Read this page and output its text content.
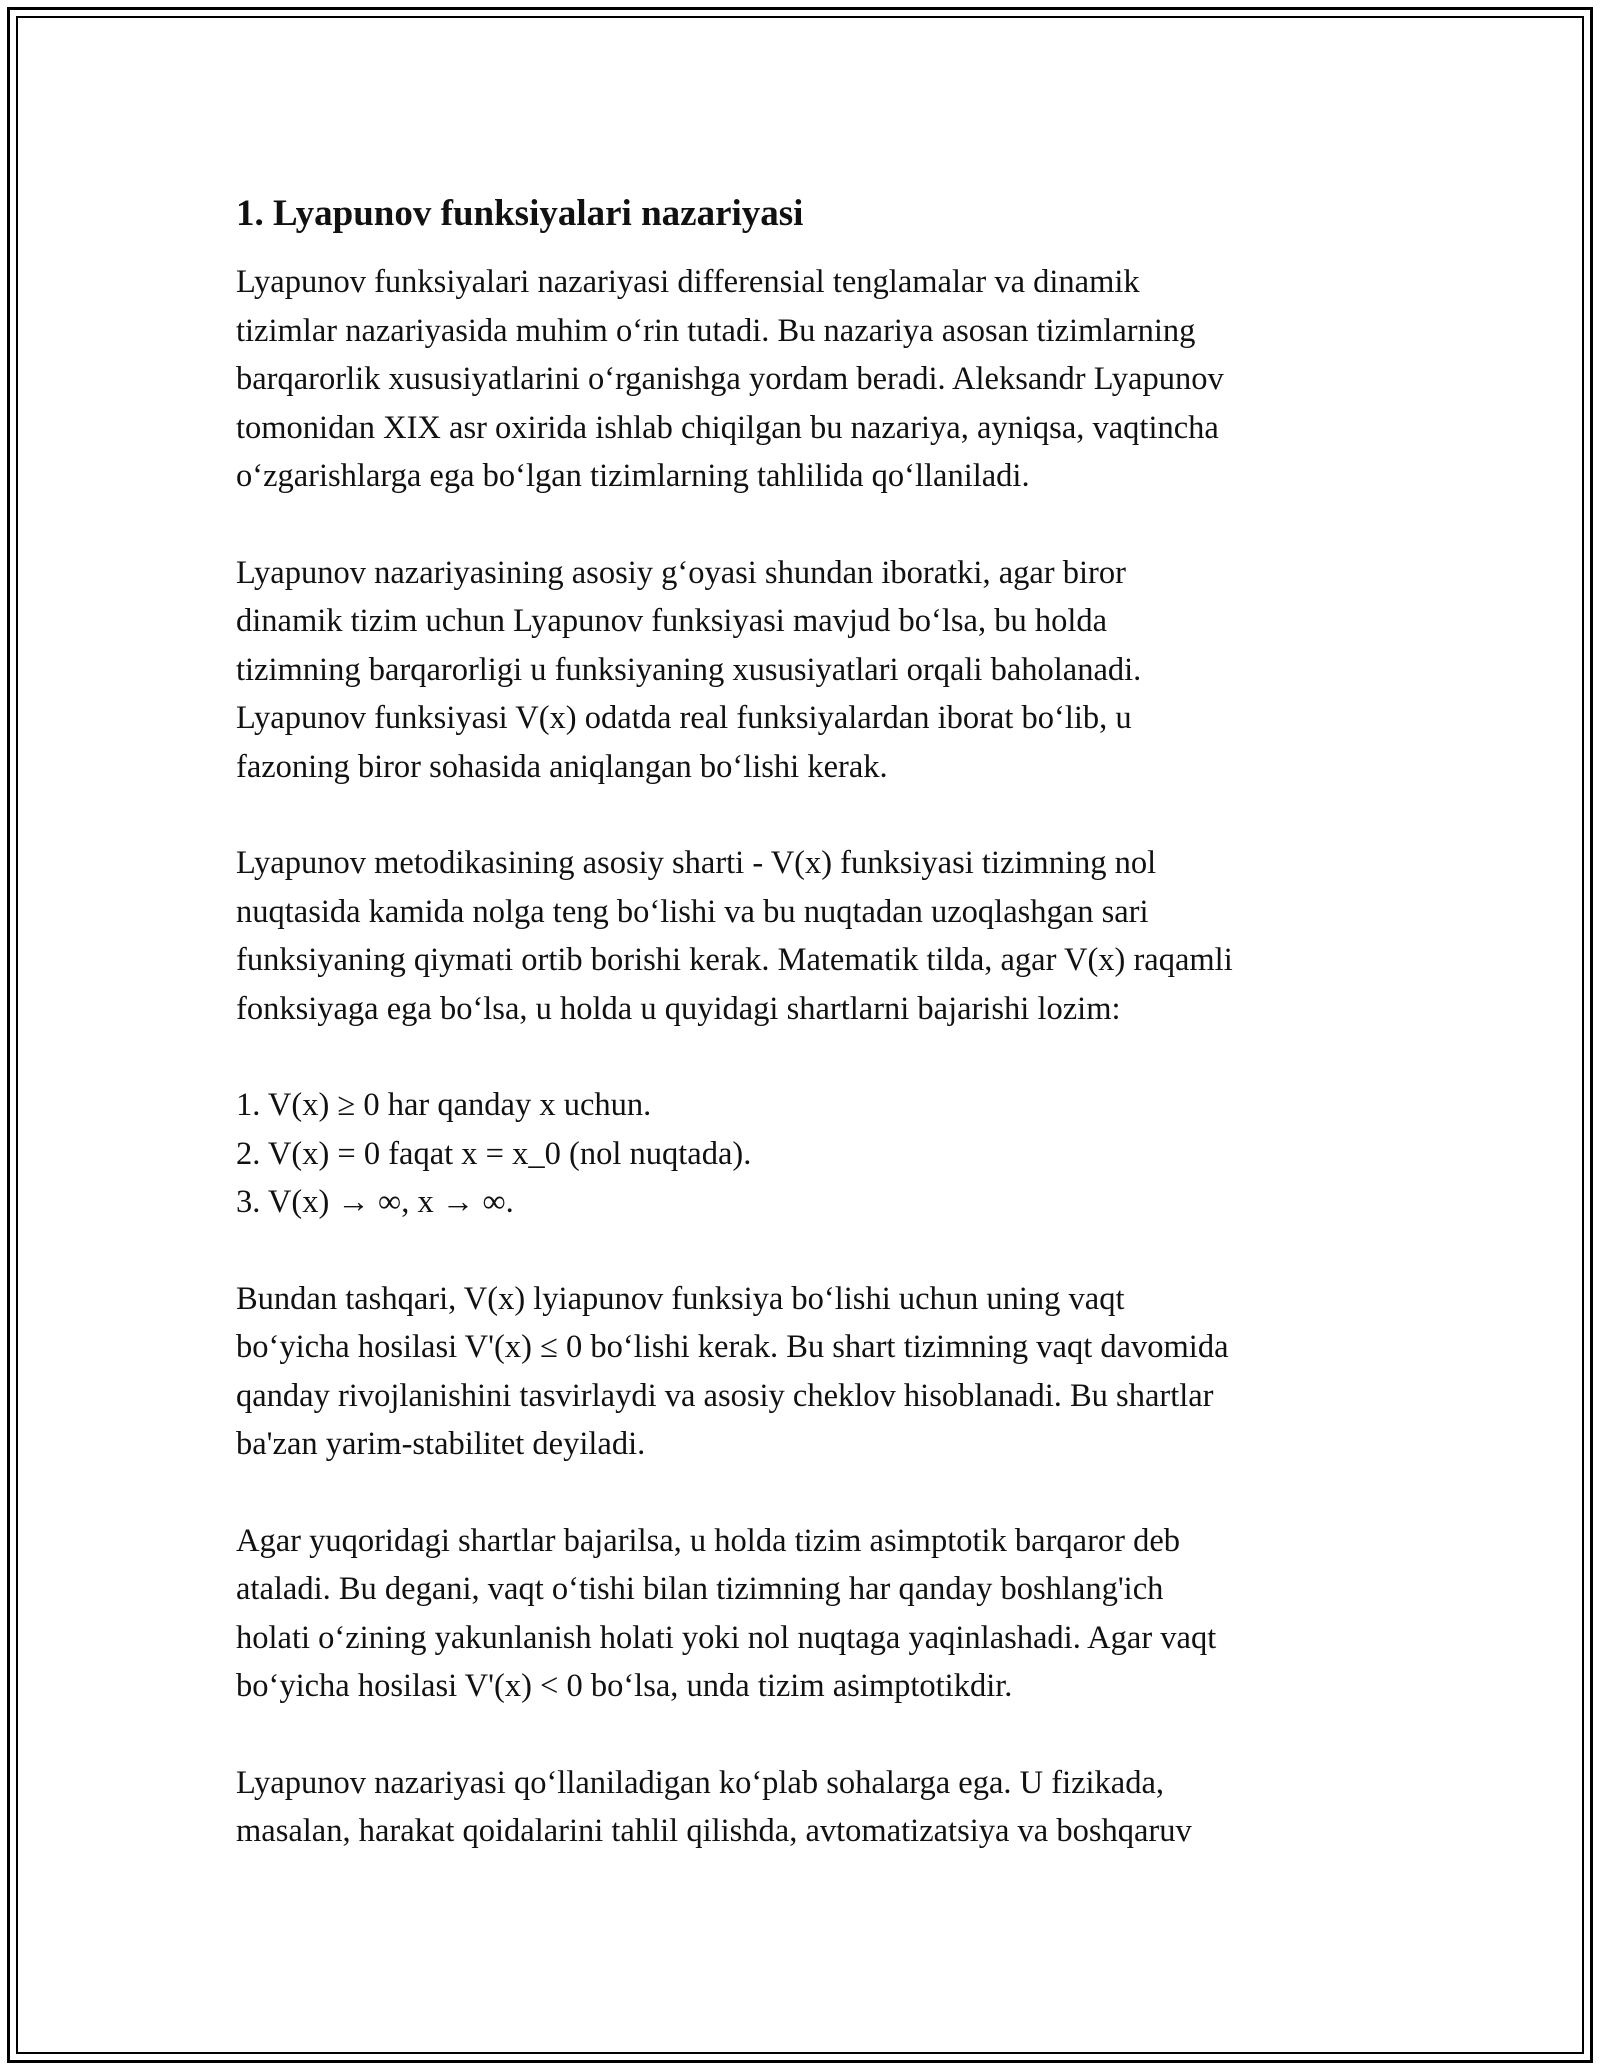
1. Lyapunov funksiyalari nazariyasi

Lyapunov funksiyalari nazariyasi differensial tenglamalar va dinamik
tizimlar nazariyasida muhim o‘rin tutadi. Bu nazariya asosan tizimlarning
barqarorlik xususiyatlarini o‘rganishga yordam beradi. Aleksandr Lyapunov
tomonidan XIX asr oxirida ishlab chiqilgan bu nazariya, ayniqsa, vaqtincha
o‘zgarishlarga ega bo‘lgan tizimlarning tahlilida qo‘llaniladi.

Lyapunov nazariyasining asosiy g‘oyasi shundan iboratki, agar biror
dinamik tizim uchun Lyapunov funksiyasi mavjud bo‘lsa, bu holda
tizimning barqarorligi u funksiyaning xususiyatlari orqali baholanadi.
Lyapunov funksiyasi V(x) odatda real funksiyalardan iborat bo‘lib, u
fazoning biror sohasida aniqlangan bo‘lishi kerak.

Lyapunov metodikasining asosiy sharti - V(x) funksiyasi tizimning nol
nuqtasida kamida nolga teng bo‘lishi va bu nuqtadan uzoqlashgan sari
funksiyaning qiymati ortib borishi kerak. Matematik tilda, agar V(x) raqamli
fonksiyaga ega bo‘lsa, u holda u quyidagi shartlarni bajarishi lozim:

1. V(x) ≥ 0 har qanday x uchun.
2. V(x) = 0 faqat x = x_0 (nol nuqtada).
3. V(x) → ∞, x → ∞.

Bundan tashqari, V(x) lyiapunov funksiya bo‘lishi uchun uning vaqt
bo‘yicha hosilasi V'(x) ≤ 0 bo‘lishi kerak. Bu shart tizimning vaqt davomida
qanday rivojlanishini tasvirlaydi va asosiy cheklov hisoblanadi. Bu shartlar
ba'zan yarim-stabilitet deyiladi.

Agar yuqoridagi shartlar bajarilsa, u holda tizim asimptotik barqaror deb
ataladi. Bu degani, vaqt o‘tishi bilan tizimning har qanday boshlang'ich
holati o‘zining yakunlanish holati yoki nol nuqtaga yaqinlashadi. Agar vaqt
bo‘yicha hosilasi V'(x) < 0 bo‘lsa, unda tizim asimptotikdir.

Lyapunov nazariyasi qo‘llaniladigan ko‘plab sohalarga ega. U fizikada,
masalan, harakat qoidalarini tahlil qilishda, avtomatizatsiya va boshqaruv
